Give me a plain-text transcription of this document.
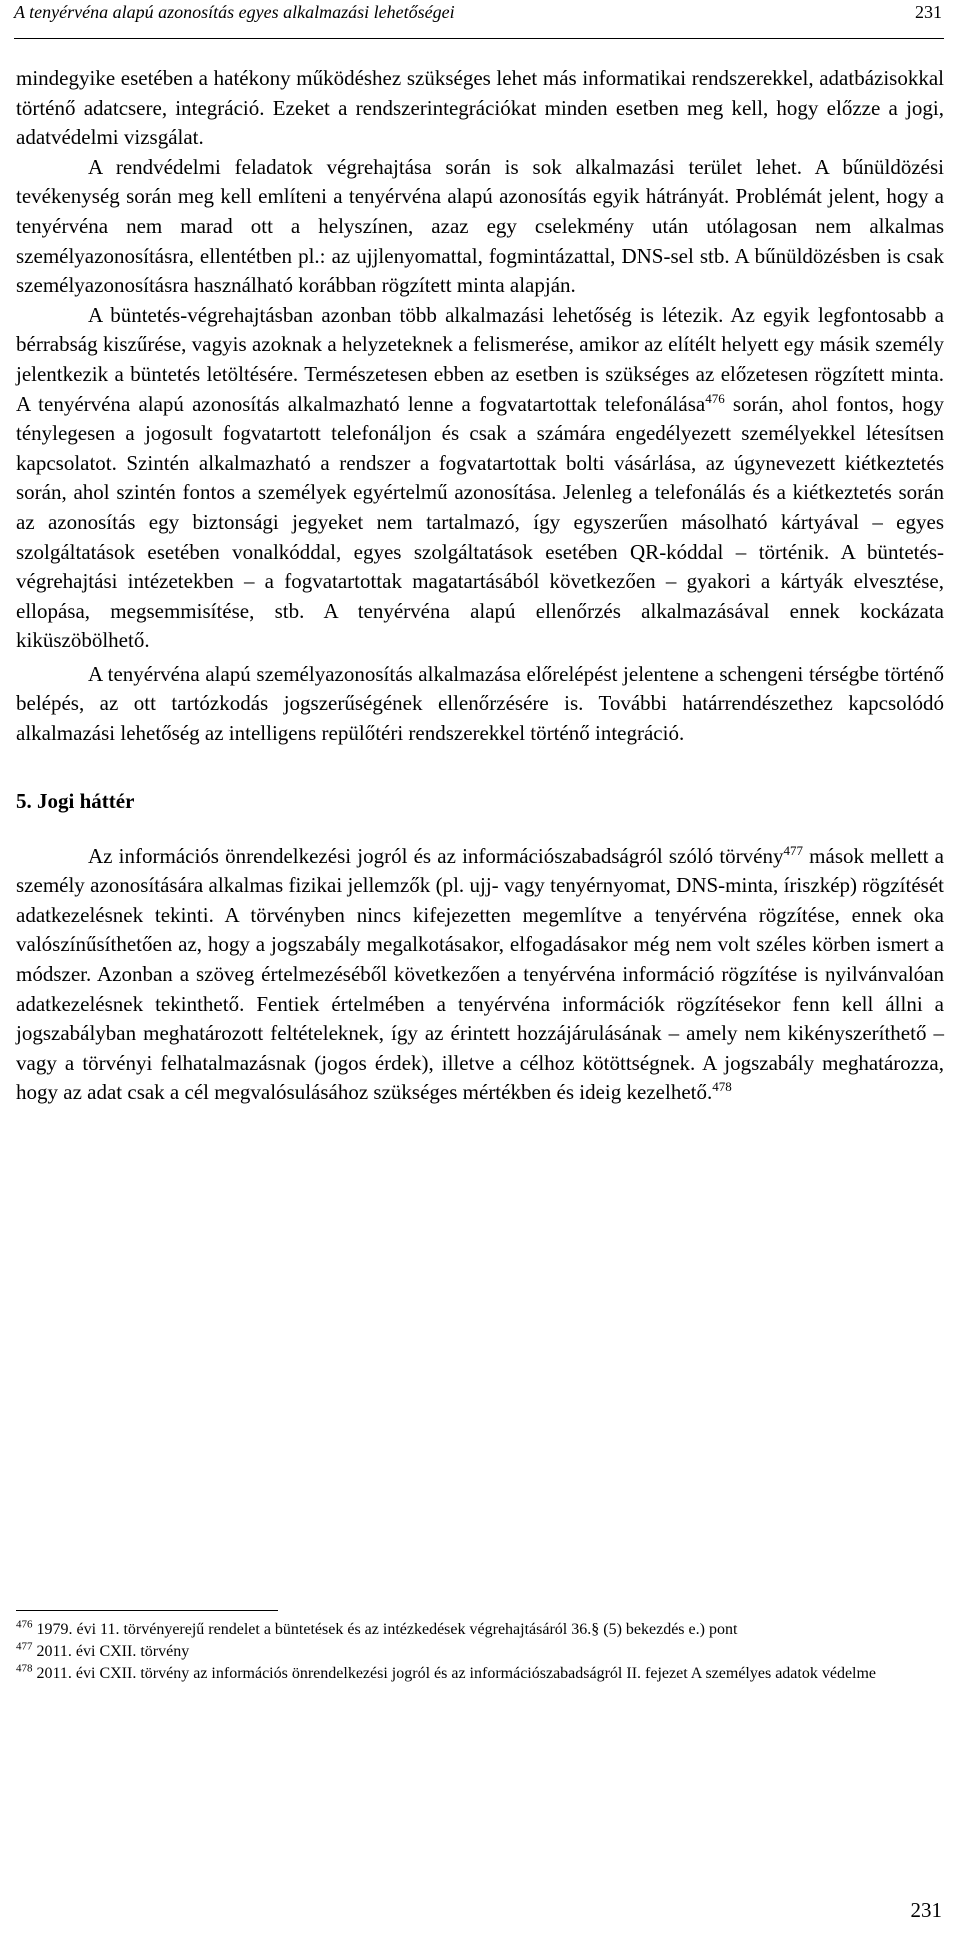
A tenyérvéna alapú azonosítás egyes alkalmazási lehetőségei	231

mindegyike esetében a hatékony működéshez szükséges lehet más informatikai rendszerekkel, adatbázisokkal történő adatcsere, integráció. Ezeket a rendszerintegrációkat minden esetben meg kell, hogy előzze a jogi, adatvédelmi vizsgálat.

A rendvédelmi feladatok végrehajtása során is sok alkalmazási terület lehet. A bűnüldözési tevékenység során meg kell említeni a tenyérvéna alapú azonosítás egyik hátrányát. Problémát jelent, hogy a tenyérvéna nem marad ott a helyszínen, azaz egy cselekmény után utólagosan nem alkalmas személyazonosításra, ellentétben pl.: az ujjlenyomattal, fogmintázattal, DNS-sel stb. A bűnüldözésben is csak személyazonosításra használható korábban rögzített minta alapján.

A büntetés-végrehajtásban azonban több alkalmazási lehetőség is létezik. Az egyik legfontosabb a bérrabság kiszűrése, vagyis azoknak a helyzeteknek a felismerése, amikor az elítélt helyett egy másik személy jelentkezik a büntetés letöltésére. Természetesen ebben az esetben is szükséges az előzetesen rögzített minta. A tenyérvéna alapú azonosítás alkalmazható lenne a fogvatartottak telefonálása$^{476}$ során, ahol fontos, hogy ténylegesen a jogosult fogvatartott telefonáljon és csak a számára engedélyezett személyekkel létesítsen kapcsolatot. Szintén alkalmazható a rendszer a fogvatartottak bolti vásárlása, az úgynevezett kiétkeztetés során, ahol szintén fontos a személyek egyértelmű azonosítása. Jelenleg a telefonálás és a kiétkeztetés során az azonosítás egy biztonsági jegyeket nem tartalmazó, így egyszerűen másolható kártyával – egyes szolgáltatások esetében vonalkóddal, egyes szolgáltatások esetében QR-kóddal – történik. A büntetés-végrehajtási intézetekben – a fogvatartottak magatartásából következően – gyakori a kártyák elvesztése, ellopása, megsemmisítése, stb. A tenyérvéna alapú ellenőrzés alkalmazásával ennek kockázata kiküszöbölhető.

A tenyérvéna alapú személyazonosítás alkalmazása előrelépést jelentene a schengeni térségbe történő belépés, az ott tartózkodás jogszerűségének ellenőrzésére is. További határrendészethez kapcsolódó alkalmazási lehetőség az intelligens repülőtéri rendszerekkel történő integráció.

5. Jogi háttér

Az információs önrendelkezési jogról és az információszabadságról szóló törvény$^{477}$ mások mellett a személy azonosítására alkalmas fizikai jellemzők (pl. ujj- vagy tenyérnyomat, DNS-minta, íriszkép) rögzítését adatkezelésnek tekinti. A törvényben nincs kifejezetten megemlítve a tenyérvéna rögzítése, ennek oka valószínűsíthetően az, hogy a jogszabály megalkotásakor, elfogadásakor még nem volt széles körben ismert a módszer. Azonban a szöveg értelmezéséből következően a tenyérvéna információ rögzítése is nyilvánvalóan adatkezelésnek tekinthető. Fentiek értelmében a tenyérvéna információk rögzítésekor fenn kell állni a jogszabályban meghatározott feltételeknek, így az érintett hozzájárulásának – amely nem kikényszeríthető – vagy a törvényi felhatalmazásnak (jogos érdek), illetve a célhoz kötöttségnek. A jogszabály meghatározza, hogy az adat csak a cél megvalósulásához szükséges mértékben és ideig kezelhető.$^{478}$

$^{476}$ 1979. évi 11. törvényerejű rendelet a büntetések és az intézkedések végrehajtásáról 36.§ (5) bekezdés e.) pont

$^{477}$ 2011. évi CXII. törvény

$^{478}$ 2011. évi CXII. törvény az információs önrendelkezési jogról és az információszabadságról II. fejezet A személyes adatok védelme

231
